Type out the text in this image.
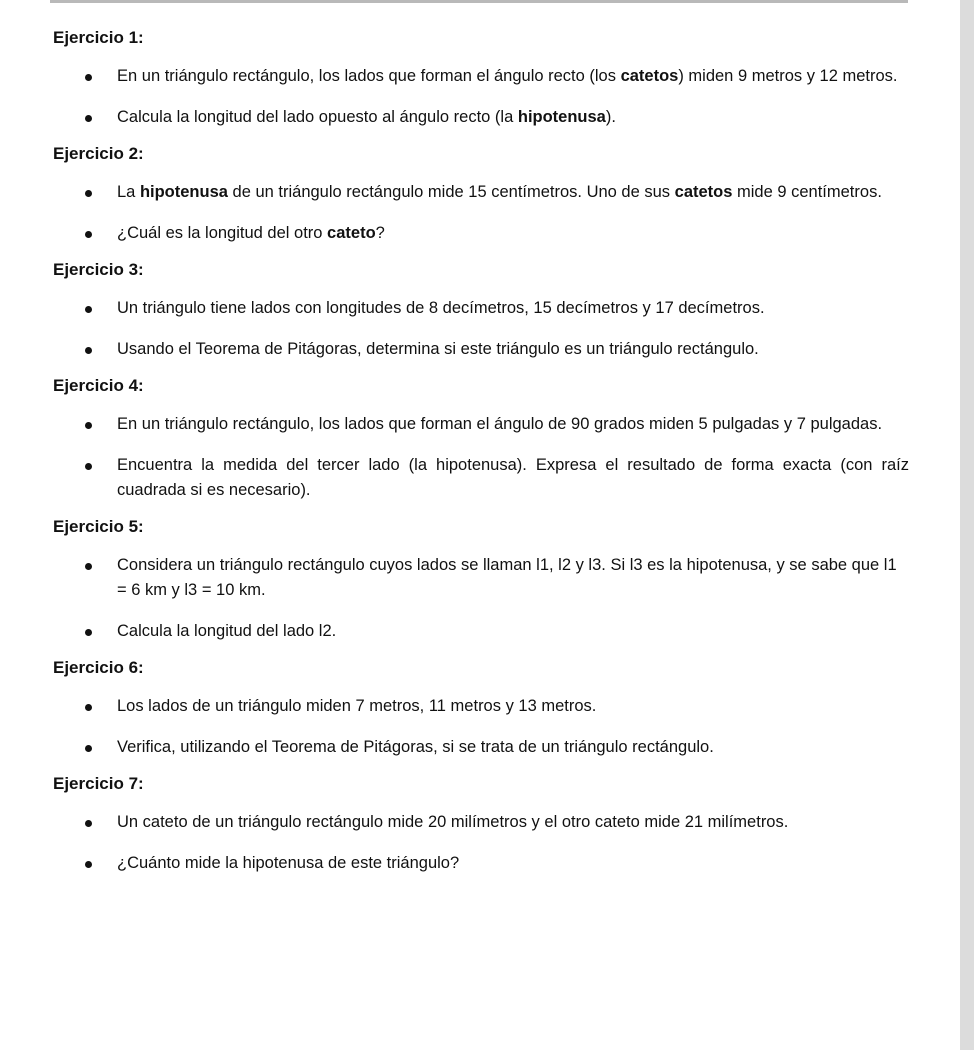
Ejercicio 1:
En un triángulo rectángulo, los lados que forman el ángulo recto (los catetos) miden 9 metros y 12 metros.
Calcula la longitud del lado opuesto al ángulo recto (la hipotenusa).
Ejercicio 2:
La hipotenusa de un triángulo rectángulo mide 15 centímetros. Uno de sus catetos mide 9 centímetros.
¿Cuál es la longitud del otro cateto?
Ejercicio 3:
Un triángulo tiene lados con longitudes de 8 decímetros, 15 decímetros y 17 decímetros.
Usando el Teorema de Pitágoras, determina si este triángulo es un triángulo rectángulo.
Ejercicio 4:
En un triángulo rectángulo, los lados que forman el ángulo de 90 grados miden 5 pulgadas y 7 pulgadas.
Encuentra la medida del tercer lado (la hipotenusa). Expresa el resultado de forma exacta (con raíz cuadrada si es necesario).
Ejercicio 5:
Considera un triángulo rectángulo cuyos lados se llaman l1, l2 y l3. Si l3 es la hipotenusa, y se sabe que l1 = 6 km y l3 = 10 km.
Calcula la longitud del lado l2.
Ejercicio 6:
Los lados de un triángulo miden 7 metros, 11 metros y 13 metros.
Verifica, utilizando el Teorema de Pitágoras, si se trata de un triángulo rectángulo.
Ejercicio 7:
Un cateto de un triángulo rectángulo mide 20 milímetros y el otro cateto mide 21 milímetros.
¿Cuánto mide la hipotenusa de este triángulo?
